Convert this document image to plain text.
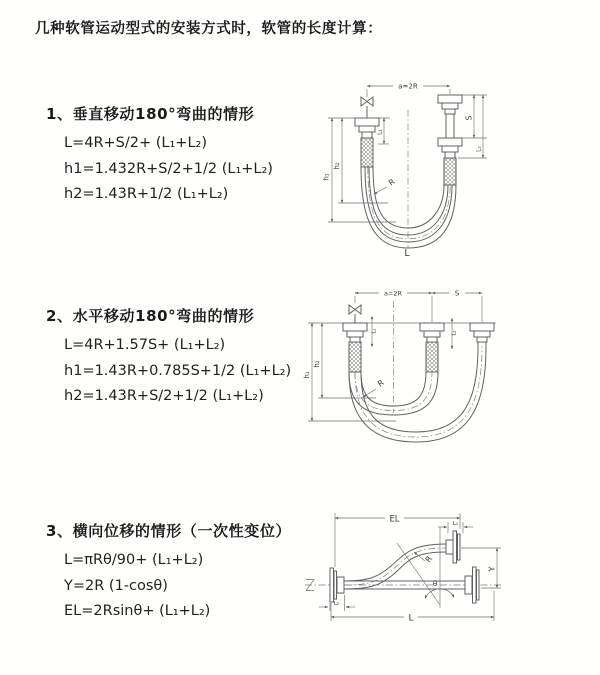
几种软管运动型式的安装方式时，软管的长度计算：
1、垂直移动180°弯曲的情形
L=4R+S/2+ (L₁+L₂)
h1=1.432R+S/2+1/2 (L₁+L₂)
h2=1.43R+1/2 (L₁+L₂)
2、水平移动180°弯曲的情形
L=4R+1.57S+ (L₁+L₂)
h1=1.43R+0.785S+1/2 (L₁+L₂)
h2=1.43R+S/2+1/2 (L₁+L₂)
3、横向位移的情形（一次性变位）
L=πRθ/90+ (L₁+L₂)
Y=2R (1-cosθ)
EL=2Rsinθ+ (L₁+L₂)
a=2R
h₁
h₂
L₁
S
L₂
R
L
a=2R	S
L₁	L₂
h₁
h₂
R
EL	L₁
Y
θ
R
L
L₂
